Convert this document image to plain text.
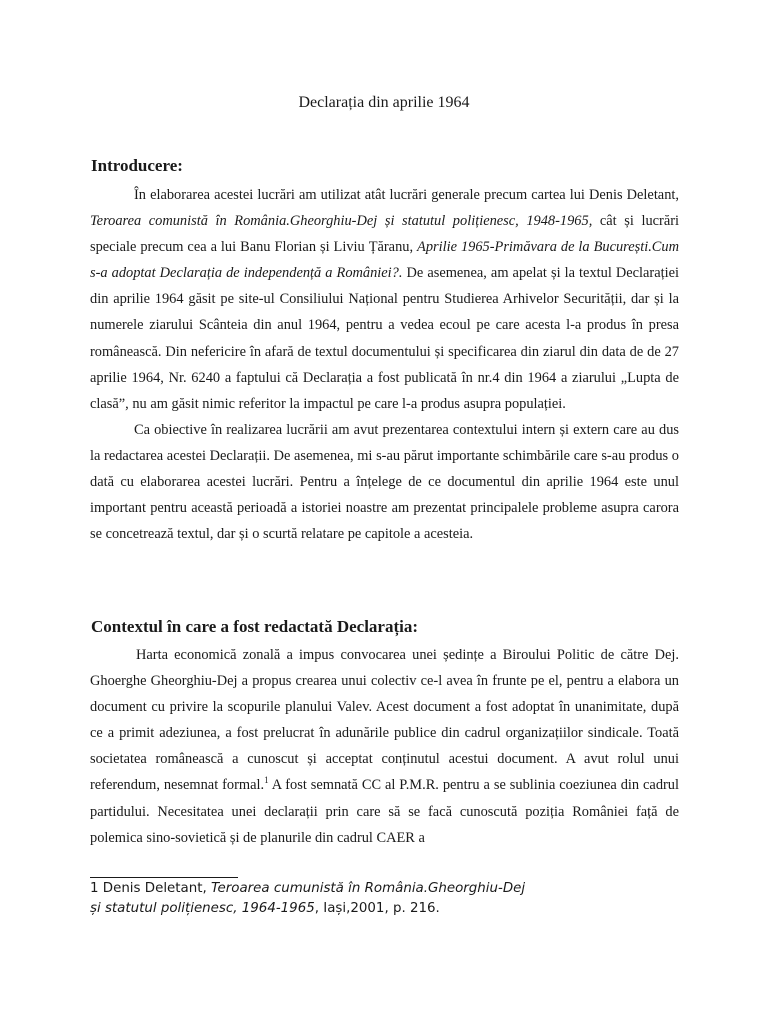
Declarația din aprilie 1964
Introducere:

În elaborarea acestei lucrări am utilizat atât lucrări generale precum cartea lui Denis Deletant, Teroarea comunistă în România.Gheorghiu-Dej și statutul polițienesc, 1948-1965, cât și lucrări speciale precum cea a lui Banu Florian și Liviu Țăranu, Aprilie 1965-Primăvara de la București.Cum s-a adoptat Declarația de independență a României?. De asemenea, am apelat și la textul Declarației din aprilie 1964 găsit pe site-ul Consiliului Național pentru Studierea Arhivelor Securității, dar și la numerele ziarului Scânteia din anul 1964, pentru a vedea ecoul pe care acesta l-a produs în presa românească. Din nefericire în afară de textul documentului și specificarea din ziarul din data de de 27 aprilie 1964, Nr. 6240 a faptului că Declarația a fost publicată în nr.4 din 1964 a ziarului „Lupta de clasă”, nu am găsit nimic referitor la impactul pe care l-a produs asupra populației.

Ca obiective în realizarea lucrării am avut prezentarea contextului intern și extern care au dus la redactarea acestei Declarații. De asemenea, mi s-au părut importante schimbările care s-au produs o dată cu elaborarea acestei lucrări. Pentru a înțelege de ce documentul din aprilie 1964 este unul important pentru această perioadă a istoriei noastre am prezentat principalele probleme asupra carora se concetrează textul, dar și o scurtă relatare pe capitole a acesteia.

Contextul în care a fost redactată Declarația:

Harta economică zonală a impus convocarea unei ședințe a Biroului Politic de către Dej. Ghoerghe Gheorghiu-Dej a propus crearea unui colectiv ce-l avea în frunte pe el, pentru a elabora un document cu privire la scopurile planului Valev. Acest document a fost adoptat în unanimitate, după ce a primit adeziunea, a fost prelucrat în adunările publice din cadrul organizațiilor sindicale. Toată societatea românească a cunoscut și acceptat conținutul acestui document. A avut rolul unui referendum, nesemnat formal.$^1$ A fost semnată CC al P.M.R. pentru a se sublinia coeziunea din cadrul partidului. Necesitatea unei declarații prin care să se facă cunoscută poziția României față de polemica sino-sovietică și de planurile din cadrul CAER a

1 Denis Deletant, Teroarea cumunistă în România.Gheorghiu-Dej și statutul polițienesc, 1964-1965, Iași,2001, p. 216.
